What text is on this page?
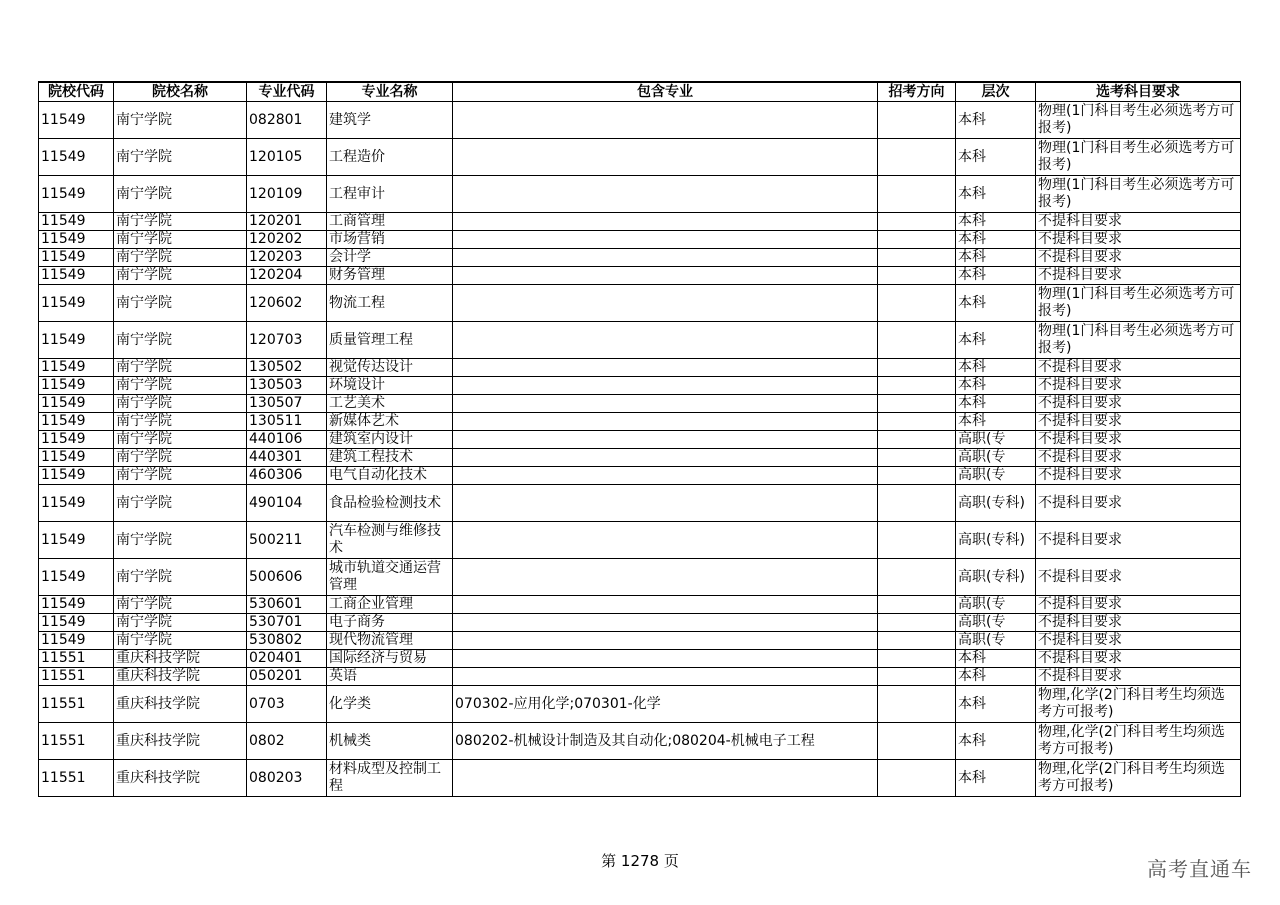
院校代码	院校名称	专业代码	专业名称	包含专业	招考方向	层次	选考科目要求
11549	南宁学院	082801	建筑学			本科	物理(1门科目考生必须选考方可报考)
11549	南宁学院	120105	工程造价			本科	物理(1门科目考生必须选考方可报考)
11549	南宁学院	120109	工程审计			本科	物理(1门科目考生必须选考方可报考)
11549	南宁学院	120201	工商管理			本科	不提科目要求
11549	南宁学院	120202	市场营销			本科	不提科目要求
11549	南宁学院	120203	会计学			本科	不提科目要求
11549	南宁学院	120204	财务管理			本科	不提科目要求
11549	南宁学院	120602	物流工程			本科	物理(1门科目考生必须选考方可报考)
11549	南宁学院	120703	质量管理工程			本科	物理(1门科目考生必须选考方可报考)
11549	南宁学院	130502	视觉传达设计			本科	不提科目要求
11549	南宁学院	130503	环境设计			本科	不提科目要求
11549	南宁学院	130507	工艺美术			本科	不提科目要求
11549	南宁学院	130511	新媒体艺术			本科	不提科目要求
11549	南宁学院	440106	建筑室内设计			高职(专	不提科目要求
11549	南宁学院	440301	建筑工程技术			高职(专	不提科目要求
11549	南宁学院	460306	电气自动化技术			高职(专	不提科目要求
11549	南宁学院	490104	食品检验检测技术			高职(专科)	不提科目要求
11549	南宁学院	500211	汽车检测与维修技术			高职(专科)	不提科目要求
11549	南宁学院	500606	城市轨道交通运营管理			高职(专科)	不提科目要求
11549	南宁学院	530601	工商企业管理			高职(专	不提科目要求
11549	南宁学院	530701	电子商务			高职(专	不提科目要求
11549	南宁学院	530802	现代物流管理			高职(专	不提科目要求
11551	重庆科技学院	020401	国际经济与贸易			本科	不提科目要求
11551	重庆科技学院	050201	英语			本科	不提科目要求
11551	重庆科技学院	0703	化学类	070302-应用化学;070301-化学		本科	物理,化学(2门科目考生均须选考方可报考)
11551	重庆科技学院	0802	机械类	080202-机械设计制造及其自动化;080204-机械电子工程		本科	物理,化学(2门科目考生均须选考方可报考)
11551	重庆科技学院	080203	材料成型及控制工程			本科	物理,化学(2门科目考生均须选考方可报考)
第 1278 页	高考直通车
